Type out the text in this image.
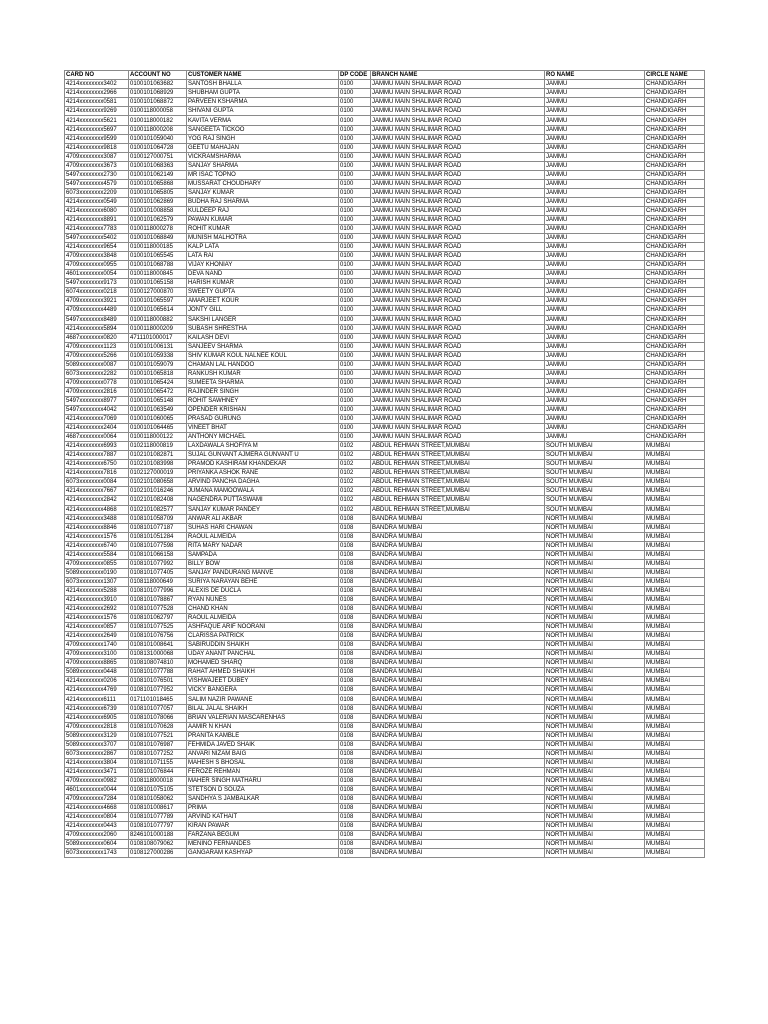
CARD NO	ACCOUNT NO	CUSTOMER NAME	DP CODE	BRANCH NAME	RO NAME	CIRCLE NAME
4214xxxxxxxx3402	0100101063682	SANTOSH BHALLA	0100	JAMMU MAIN SHALIMAR ROAD	JAMMU	CHANDIGARH
4214xxxxxxxx2966	0100101068929	SHUBHAM GUPTA	0100	JAMMU MAIN SHALIMAR ROAD	JAMMU	CHANDIGARH
4214xxxxxxxx0581	0100101068872	PARVEEN KSHARMA	0100	JAMMU MAIN SHALIMAR ROAD	JAMMU	CHANDIGARH
4214xxxxxxxx9269	0100118000058	SHIVANI GUPTA	0100	JAMMU MAIN SHALIMAR ROAD	JAMMU	CHANDIGARH
4214xxxxxxxx5621	0100118000182	KAVITA VERMA	0100	JAMMU MAIN SHALIMAR ROAD	JAMMU	CHANDIGARH
4214xxxxxxxx5697	0100118000208	SANGEETA TICKOO	0100	JAMMU MAIN SHALIMAR ROAD	JAMMU	CHANDIGARH
4214xxxxxxxx9599	0100101059040	YOG RAJ SINGH	0100	JAMMU MAIN SHALIMAR ROAD	JAMMU	CHANDIGARH
4214xxxxxxxx9818	0100101064728	GEETU MAHAJAN	0100	JAMMU MAIN SHALIMAR ROAD	JAMMU	CHANDIGARH
4709xxxxxxxx3087	0100127000751	VICKRAMSHARMA	0100	JAMMU MAIN SHALIMAR ROAD	JAMMU	CHANDIGARH
4709xxxxxxxx3673	0100101068363	SANJAY SHARMA	0100	JAMMU MAIN SHALIMAR ROAD	JAMMU	CHANDIGARH
5497xxxxxxxx2730	0100101062149	MR ISAC TOPNO	0100	JAMMU MAIN SHALIMAR ROAD	JAMMU	CHANDIGARH
5497xxxxxxxx4579	0100101065868	MUSSARAT CHOUDHARY	0100	JAMMU MAIN SHALIMAR ROAD	JAMMU	CHANDIGARH
6073xxxxxxxx2209	0100101065805	SANJAY KUMAR	0100	JAMMU MAIN SHALIMAR ROAD	JAMMU	CHANDIGARH
4214xxxxxxxx0549	0100101062869	BUDHA RAJ SHARMA	0100	JAMMU MAIN SHALIMAR ROAD	JAMMU	CHANDIGARH
4214xxxxxxxx6080	0100101008858	KULDEEP RAJ	0100	JAMMU MAIN SHALIMAR ROAD	JAMMU	CHANDIGARH
4214xxxxxxxx8891	0100101062579	PAWAN KUMAR	0100	JAMMU MAIN SHALIMAR ROAD	JAMMU	CHANDIGARH
4214xxxxxxxx7783	0100118000278	ROHIT KUMAR	0100	JAMMU MAIN SHALIMAR ROAD	JAMMU	CHANDIGARH
5497xxxxxxxx5402	0100101068849	MUNISH MALHOTRA	0100	JAMMU MAIN SHALIMAR ROAD	JAMMU	CHANDIGARH
4214xxxxxxxx9654	0100118000185	KALP LATA	0100	JAMMU MAIN SHALIMAR ROAD	JAMMU	CHANDIGARH
4709xxxxxxxx3848	0100101065545	LATA RAI	0100	JAMMU MAIN SHALIMAR ROAD	JAMMU	CHANDIGARH
4709xxxxxxxx0955	0100101068788	VIJAY KHONIAY	0100	JAMMU MAIN SHALIMAR ROAD	JAMMU	CHANDIGARH
4601xxxxxxxx0054	0100118000845	DEVA NAND	0100	JAMMU MAIN SHALIMAR ROAD	JAMMU	CHANDIGARH
5497xxxxxxxx9173	0100101065158	HARISH KUMAR	0100	JAMMU MAIN SHALIMAR ROAD	JAMMU	CHANDIGARH
6074xxxxxxxx0218	0100127000870	SWEETY GUPTA	0100	JAMMU MAIN SHALIMAR ROAD	JAMMU	CHANDIGARH
4709xxxxxxxx3921	0100101065597	AMARJEET KOUR	0100	JAMMU MAIN SHALIMAR ROAD	JAMMU	CHANDIGARH
4709xxxxxxxx4489	0100101065614	JONTY GILL	0100	JAMMU MAIN SHALIMAR ROAD	JAMMU	CHANDIGARH
5497xxxxxxxx8489	0100118000882	SAKSHI LANGER	0100	JAMMU MAIN SHALIMAR ROAD	JAMMU	CHANDIGARH
4214xxxxxxxx5894	0100118000209	SUBASH SHRESTHA	0100	JAMMU MAIN SHALIMAR ROAD	JAMMU	CHANDIGARH
4687xxxxxxxx0820	4711101000017	KAILASH DEVI	0100	JAMMU MAIN SHALIMAR ROAD	JAMMU	CHANDIGARH
4709xxxxxxxx1123	0100101006131	SANJEEV SHARMA	0100	JAMMU MAIN SHALIMAR ROAD	JAMMU	CHANDIGARH
4709xxxxxxxx5266	0100101059338	SHIV KUMAR KOUL NALNEE KOUL	0100	JAMMU MAIN SHALIMAR ROAD	JAMMU	CHANDIGARH
5089xxxxxxxx0087	0100101059079	CHAMAN LAL HANDOO	0100	JAMMU MAIN SHALIMAR ROAD	JAMMU	CHANDIGARH
6073xxxxxxxx2282	0100101065818	RANKUSH KUMAR	0100	JAMMU MAIN SHALIMAR ROAD	JAMMU	CHANDIGARH
4709xxxxxxxx0778	0100101065424	SUMEETA SHARMA	0100	JAMMU MAIN SHALIMAR ROAD	JAMMU	CHANDIGARH
4709xxxxxxxx2816	0100101065472	RAJINDER SINGH	0100	JAMMU MAIN SHALIMAR ROAD	JAMMU	CHANDIGARH
5497xxxxxxxx8977	0100101065148	ROHIT SAWHNEY	0100	JAMMU MAIN SHALIMAR ROAD	JAMMU	CHANDIGARH
5497xxxxxxxx4042	0100101063549	OPENDER KRISHAN	0100	JAMMU MAIN SHALIMAR ROAD	JAMMU	CHANDIGARH
4214xxxxxxxx7069	0100101060065	PRASAD GURUNG	0100	JAMMU MAIN SHALIMAR ROAD	JAMMU	CHANDIGARH
4214xxxxxxxx2404	0100101064465	VINEET BHAT	0100	JAMMU MAIN SHALIMAR ROAD	JAMMU	CHANDIGARH
4687xxxxxxxx0064	0100118000122	ANTHONY MICHAEL	0100	JAMMU MAIN SHALIMAR ROAD	JAMMU	CHANDIGARH
4214xxxxxxxx6993	0102118000819	LAXDAWALA SHOFIYA M	0102	ABDUL REHMAN STREET,MUMBAI	SOUTH MUMBAI	MUMBAI
4214xxxxxxxx7887	0102101082871	SUJAL GUNVANT AJMERA GUNVANT U	0102	ABDUL REHMAN STREET,MUMBAI	SOUTH MUMBAI	MUMBAI
4214xxxxxxxx6750	0102101083998	PRAMOD KASHIRAM KHANDEKAR	0102	ABDUL REHMAN STREET,MUMBAI	SOUTH MUMBAI	MUMBAI
4214xxxxxxxx7816	0102127000019	PRIYANKA ASHOK RANE	0102	ABDUL REHMAN STREET,MUMBAI	SOUTH MUMBAI	MUMBAI
6073xxxxxxxx0084	0102101080658	ARVIND PANCHA DAGHA	0102	ABDUL REHMAN STREET,MUMBAI	SOUTH MUMBAI	MUMBAI
4214xxxxxxxx7667	0102101016246	JUMANA MAMOOWALA	0102	ABDUL REHMAN STREET,MUMBAI	SOUTH MUMBAI	MUMBAI
4214xxxxxxxx2842	0102101082408	NAGENDRA PUTTASWAMI	0102	ABDUL REHMAN STREET,MUMBAI	SOUTH MUMBAI	MUMBAI
4214xxxxxxxx4868	0102101082577	SANJAY KUMAR PANDEY	0102	ABDUL REHMAN STREET,MUMBAI	SOUTH MUMBAI	MUMBAI
4214xxxxxxxx3488	0108101058709	ANWAR ALI AKBAR	0108	BANDRA MUMBAI	NORTH MUMBAI	MUMBAI
4214xxxxxxxx8846	0108101077187	SUHAS HARI CHAWAN	0108	BANDRA MUMBAI	NORTH MUMBAI	MUMBAI
4214xxxxxxxx1576	0108101051284	RAOUL ALMEIDA	0108	BANDRA MUMBAI	NORTH MUMBAI	MUMBAI
4214xxxxxxxx6740	0108101077598	RITA MARY NADAR	0108	BANDRA MUMBAI	NORTH MUMBAI	MUMBAI
4214xxxxxxxx5584	0108101066158	SAMPADA	0108	BANDRA MUMBAI	NORTH MUMBAI	MUMBAI
4709xxxxxxxx0855	0108101077992	BILLY BOW	0108	BANDRA MUMBAI	NORTH MUMBAI	MUMBAI
5089xxxxxxxx0190	0108101077405	SANJAY PANDURANG MANVE	0108	BANDRA MUMBAI	NORTH MUMBAI	MUMBAI
6073xxxxxxxx1307	0108118000649	SURIYA NARAYAN BEHE	0108	BANDRA MUMBAI	NORTH MUMBAI	MUMBAI
4214xxxxxxxx5288	0108101077996	ALEXIS DE DUCLA	0108	BANDRA MUMBAI	NORTH MUMBAI	MUMBAI
4214xxxxxxxx3910	0108101078867	RYAN NUNES	0108	BANDRA MUMBAI	NORTH MUMBAI	MUMBAI
4214xxxxxxxx2692	0108101077528	CHAND KHAN	0108	BANDRA MUMBAI	NORTH MUMBAI	MUMBAI
4214xxxxxxxx1576	0108101062797	RAOUL ALMEIDA	0108	BANDRA MUMBAI	NORTH MUMBAI	MUMBAI
4214xxxxxxxx0857	0108101077525	ASHFAQUE ARIF NOORANI	0108	BANDRA MUMBAI	NORTH MUMBAI	MUMBAI
4214xxxxxxxx2649	0108101076756	CLARISSA PATRICK	0108	BANDRA MUMBAI	NORTH MUMBAI	MUMBAI
4709xxxxxxxx1740	0108101008641	SABIRUDDIN SHAIKH	0108	BANDRA MUMBAI	NORTH MUMBAI	MUMBAI
4709xxxxxxxx3100	0108131000068	UDAY ANANT PANCHAL	0108	BANDRA MUMBAI	NORTH MUMBAI	MUMBAI
4709xxxxxxxx8865	0108108074810	MOHAMED SHARQ	0108	BANDRA MUMBAI	NORTH MUMBAI	MUMBAI
5089xxxxxxxx0448	0108101077788	RAHAT AHMED SHAIKH	0108	BANDRA MUMBAI	NORTH MUMBAI	MUMBAI
4214xxxxxxxx0206	0108101076501	VISHWAJEET DUBEY	0108	BANDRA MUMBAI	NORTH MUMBAI	MUMBAI
4214xxxxxxxx4769	0108101077952	VICKY BANGERA	0108	BANDRA MUMBAI	NORTH MUMBAI	MUMBAI
4214xxxxxxxx6111	0171101018465	SALIM NAZIR PAWANE	0108	BANDRA MUMBAI	NORTH MUMBAI	MUMBAI
4214xxxxxxxx6739	0108101077057	BILAL JALAL SHAIKH	0108	BANDRA MUMBAI	NORTH MUMBAI	MUMBAI
4214xxxxxxxx6905	0108101078066	BRIAN VALERIAN MASCARENHAS	0108	BANDRA MUMBAI	NORTH MUMBAI	MUMBAI
4709xxxxxxxx2818	0108101070628	AAMIR N KHAN	0108	BANDRA MUMBAI	NORTH MUMBAI	MUMBAI
5089xxxxxxxx3129	0108101077521	PRANITA KAMBLE	0108	BANDRA MUMBAI	NORTH MUMBAI	MUMBAI
5089xxxxxxxx3707	0108101076987	FEHMIDA JAVED SHAIK	0108	BANDRA MUMBAI	NORTH MUMBAI	MUMBAI
6073xxxxxxxx2867	0108101077252	ANVARI NIZAM BAIG	0108	BANDRA MUMBAI	NORTH MUMBAI	MUMBAI
4214xxxxxxxx3804	0108101071155	MAHESH S BHOSAL	0108	BANDRA MUMBAI	NORTH MUMBAI	MUMBAI
4214xxxxxxxx3471	0108101076844	FEROZE REHMAN	0108	BANDRA MUMBAI	NORTH MUMBAI	MUMBAI
4709xxxxxxxx0982	0108118000018	MAHER SINGH MATHARU	0108	BANDRA MUMBAI	NORTH MUMBAI	MUMBAI
4601xxxxxxxx0044	0108101075105	STETSON D SOUZA	0108	BANDRA MUMBAI	NORTH MUMBAI	MUMBAI
4709xxxxxxxx7284	0108101058062	SANDHYA S JAMBALKAR	0108	BANDRA MUMBAI	NORTH MUMBAI	MUMBAI
4214xxxxxxxx4668	0108101008617	PRIMA	0108	BANDRA MUMBAI	NORTH MUMBAI	MUMBAI
4214xxxxxxxx0804	0108101077789	ARVIND KATHAIT	0108	BANDRA MUMBAI	NORTH MUMBAI	MUMBAI
4214xxxxxxxx0443	0108101077797	KIRAN PAWAR	0108	BANDRA MUMBAI	NORTH MUMBAI	MUMBAI
4709xxxxxxxx2060	8246101000188	FARZANA BEGUM	0108	BANDRA MUMBAI	NORTH MUMBAI	MUMBAI
5089xxxxxxxx0604	0108108079062	MENINO FERNANDES	0108	BANDRA MUMBAI	NORTH MUMBAI	MUMBAI
6073xxxxxxxx1743	0108127000286	GANGARAM KASHYAP	0108	BANDRA MUMBAI	NORTH MUMBAI	MUMBAI
